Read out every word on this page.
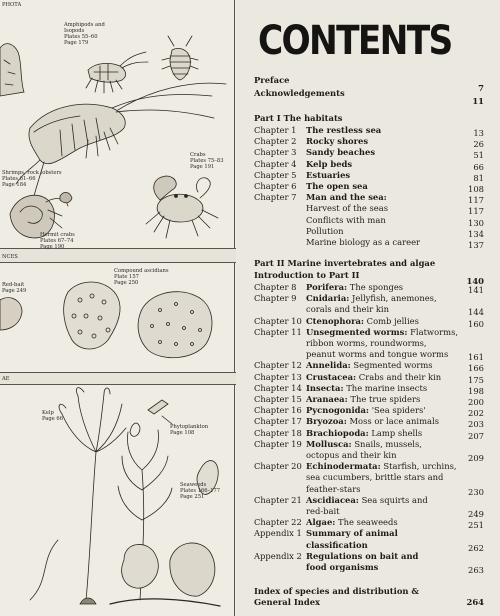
PHOTA
Amphipods and
Isopods
Plates 55–60
Page 179
Shrimps, rock lobsters
Plates 61–66
Page 184
Crabs
Plates 75–83
Page 191
Hermit crabs
Plates 67–74
Page 190
NCES
Red-bait
Page 249
Compound ascidians
Plate 157
Page 250
AE
Kelp
Page 66
Phytoplankton
Page 108
Seaweeds
Plates 166–177
Page 251
CONTENTS
Preface
7
Acknowledgements
11
Part I The habitats
Chapter 1 The restless sea	13
Chapter 2 Rocky shores	26
Chapter 3 Sandy beaches	51
Chapter 4 Kelp beds	66
Chapter 5 Estuaries	81
Chapter 6 The open sea	108
Chapter 7 Man and the sea:	117
Harvest of the seas	117
Conflicts with man	130
Pollution	134
Marine biology as a career	137
Part II Marine invertebrates and algae
Introduction to Part II
140
Chapter 8 Porifera: The sponges	141
Chapter 9 Cnidaria: Jellyfish, anemones,
corals and their kin	144
Chapter 10 Ctenophora: Comb jellies	160
Chapter 11 Unsegmented worms: Flatworms,
ribbon worms, roundworms,
peanut worms and tongue worms 161
Chapter 12 Annelida: Segmented worms	166
Chapter 13 Crustacea: Crabs and their kin	175
Chapter 14 Insecta: The marine insects	198
Chapter 15 Aranaea: The true spiders	200
Chapter 16 Pycnogonida: 'Sea spiders'	202
Chapter 17 Bryozoa: Moss or lace animals	203
Chapter 18 Brachiopoda: Lamp shells	207
Chapter 19 Mollusca: Snails, mussels,
octopus and their kin	209
Chapter 20 Echinodermata: Starfish, urchins,
sea cucumbers, brittle stars and
feather-stars	230
Chapter 21 Ascidiacea: Sea squirts and
red-bait	249
Chapter 22 Algae: The seaweeds	251
Appendix 1 Summary of animal
classification	262
Appendix 2 Regulations on bait and
food organisms	263
Index of species and distribution &
General Index	264
